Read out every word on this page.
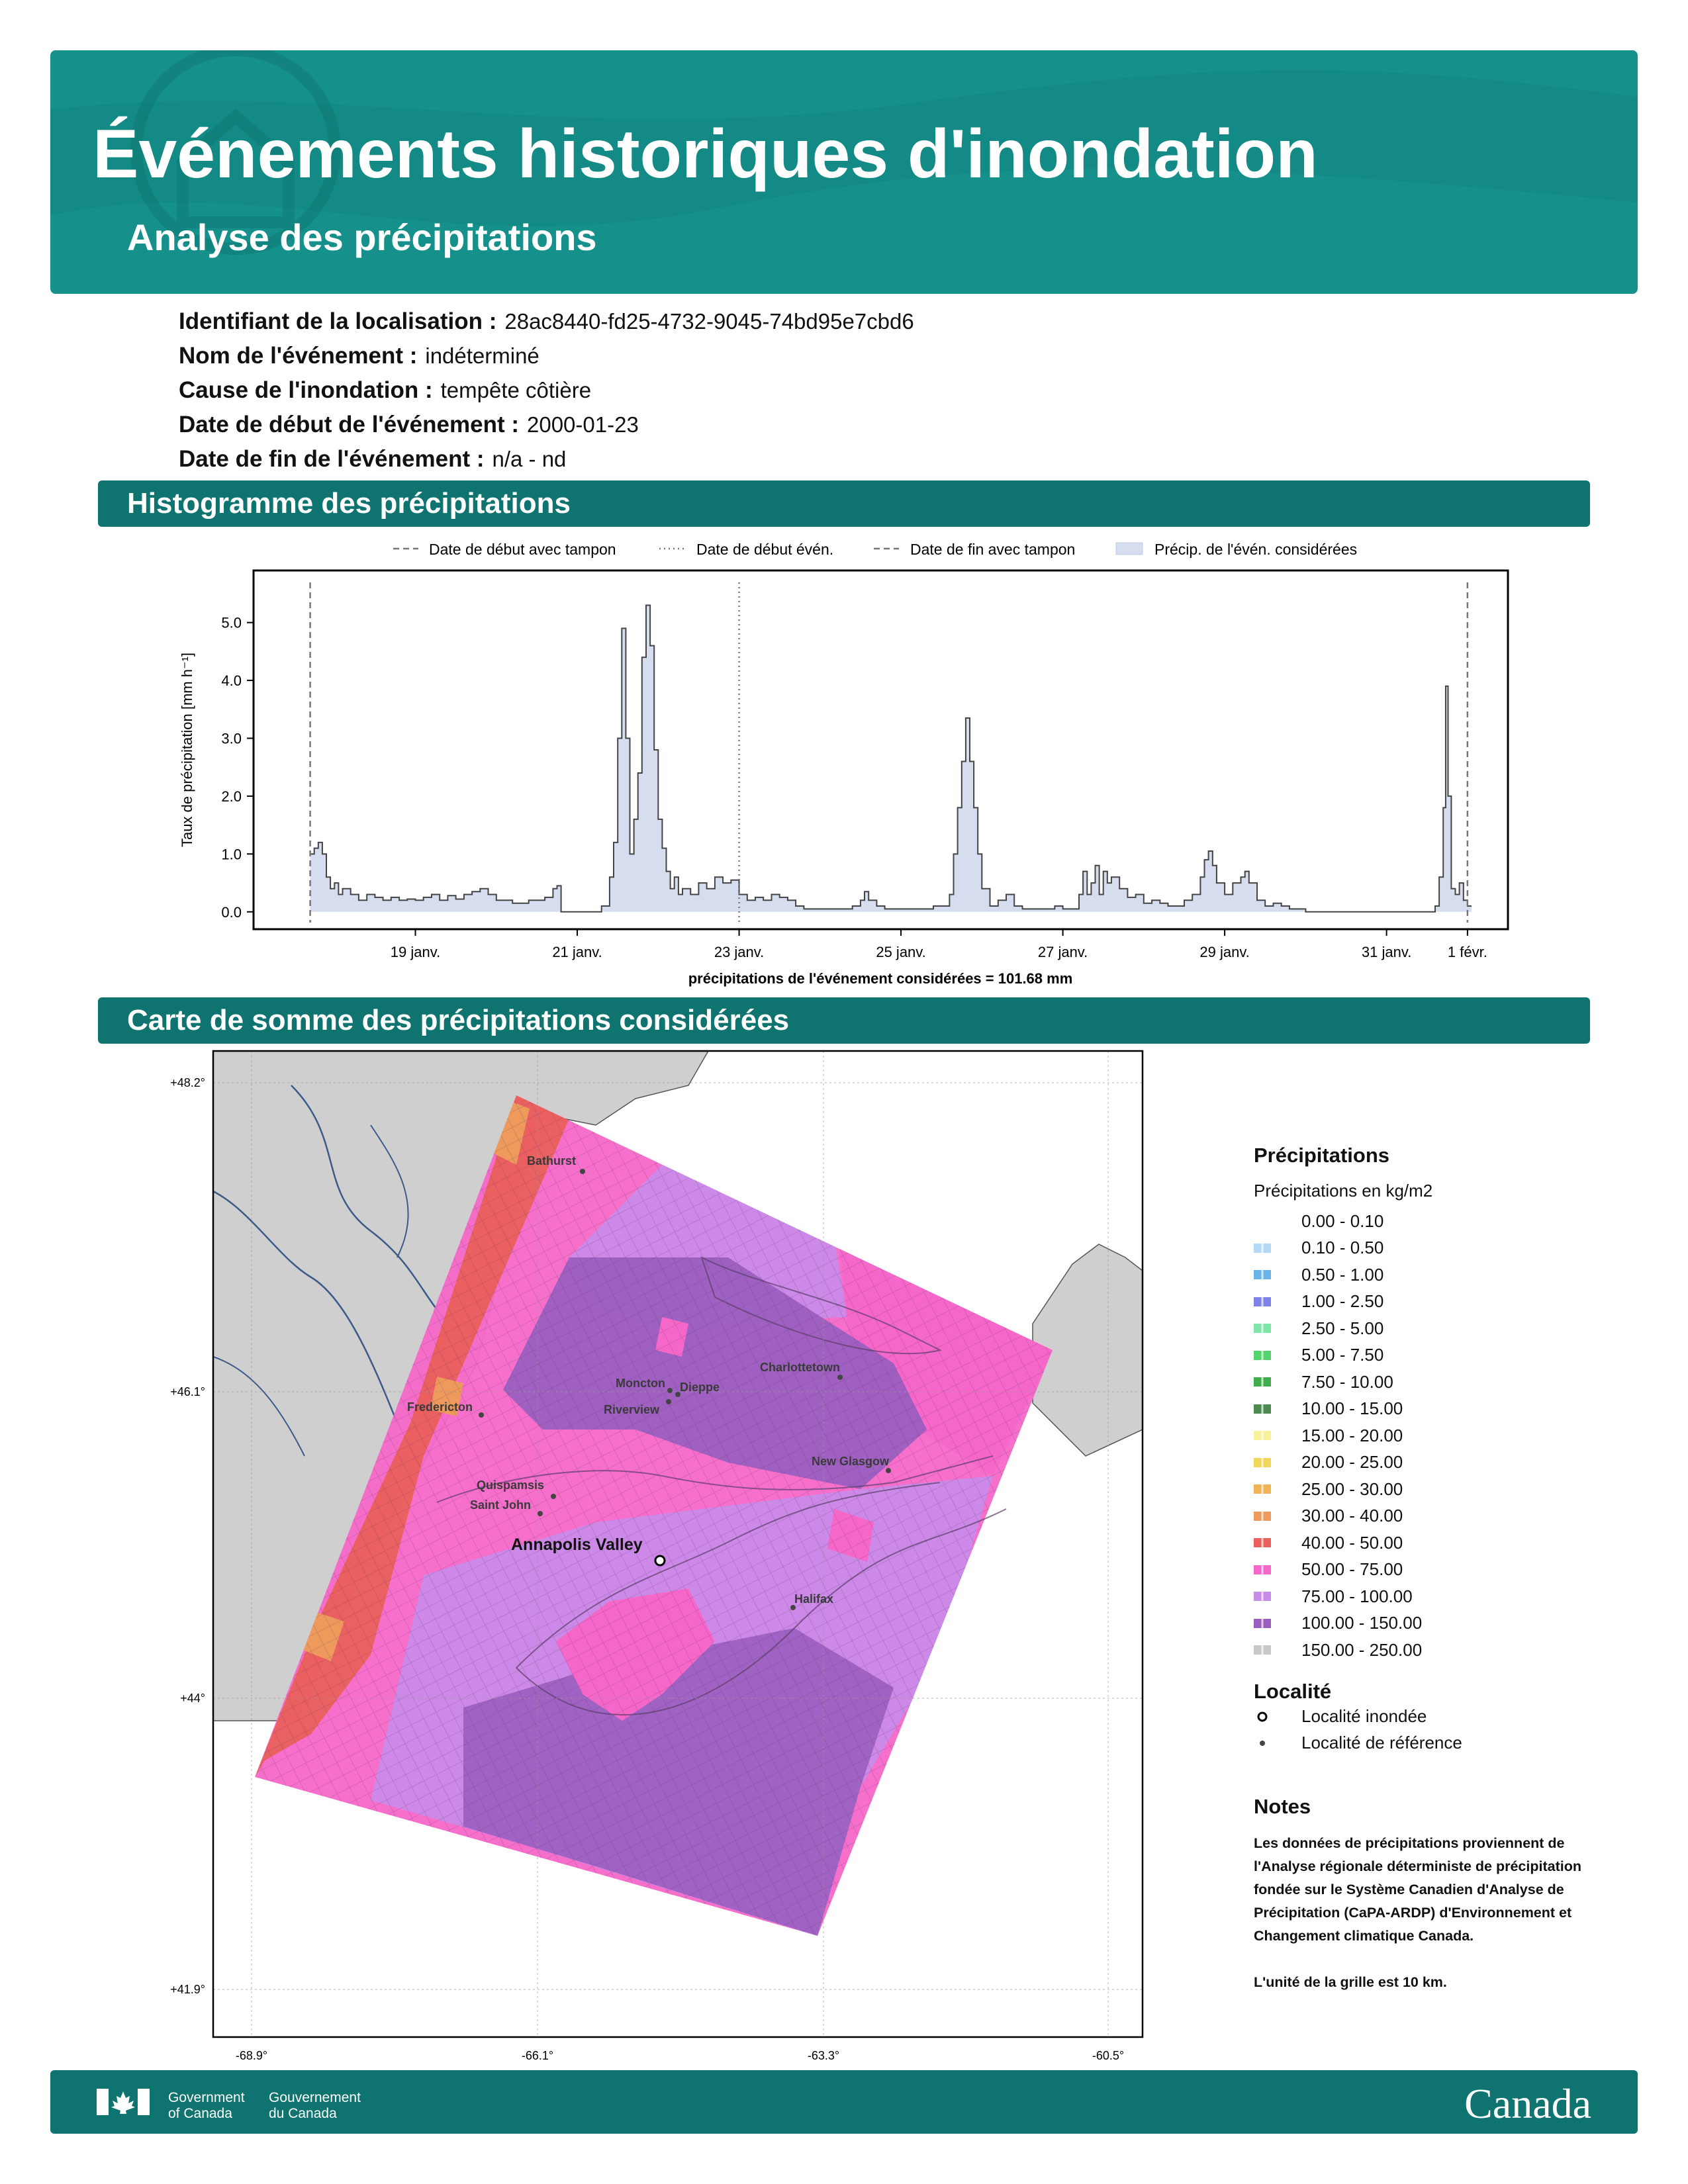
Événements historiques d'inondation
Analyse des précipitations
Identifiant de la localisation : 28ac8440-fd25-4732-9045-74bd95e7cbd6
Nom de l'événement : indéterminé
Cause de l'inondation : tempête côtière
Date de début de l'événement : 2000-01-23
Date de fin de l'événement : n/a - nd
Histogramme des précipitations
Carte de somme des précipitations considérées
Date de début avec tampon	Date de début évén.	Date de fin avec tampon	Précip. de l'évén. considérées
0.0
1.0
2.0
3.0
4.0
5.0
19 janv.	21 janv.	23 janv.	25 janv.	27 janv.	29 janv.	31 janv. 1 févr.
Taux de précipitation [mm h⁻¹]
précipitations de l'événement considérées = 101.68 mm
+48.2°
+46.1°
+44°
+41.9°
-68.9°	-66.1°	-63.3°	-60.5°
Bathurst
Charlottetown
Moncton Dieppe
Riverview
Fredericton
New Glasgow
Quispamsis
Saint John
Annapolis Valley
Halifax
Précipitations
Précipitations en kg/m2
0.00 - 0.10
0.10 - 0.50
0.50 - 1.00
1.00 - 2.50
2.50 - 5.00
5.00 - 7.50
7.50 - 10.00
10.00 - 15.00
15.00 - 20.00
20.00 - 25.00
25.00 - 30.00
30.00 - 40.00
40.00 - 50.00
50.00 - 75.00
75.00 - 100.00
100.00 - 150.00
150.00 - 250.00
Localité
Localité inondée
Localité de référence
Notes

Les données de précipitations proviennent de l'Analyse régionale déterministe de précipitation fondée sur le Système Canadien d'Analyse de Précipitation (CaPA-ARDP) d'Environnement et Changement climatique Canada.

L'unité de la grille est 10 km.

Government
of Canada
Gouvernement
du Canada	Canada
